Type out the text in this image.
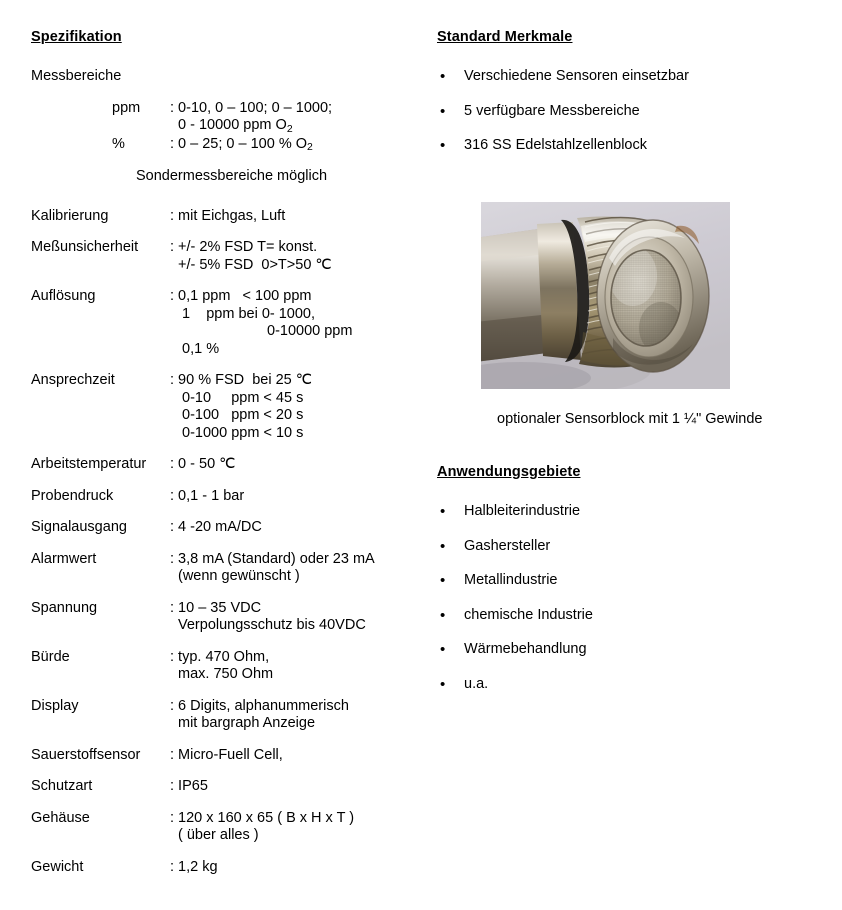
Spezifikation
Messbereiche
ppm	: 0-10, 0 – 100; 0 – 1000;
0 - 10000 ppm $O_2$
%	: 0 – 25; 0 – 100 % $O_2$
Sondermessbereiche möglich
Kalibrierung	: mit Eichgas, Luft
Meßunsicherheit	: +/- 2% FSD T= konst.
+/- 5% FSD  0>T>50 ℃
Auflösung	: 0,1 ppm   < 100 ppm
1    ppm bei 0- 1000,
0-10000 ppm
0,1 %
Ansprechzeit	: 90 % FSD  bei 25 ℃
0-10     ppm < 45 s
0-100   ppm < 20 s
0-1000 ppm < 10 s
Arbeitstemperatur	: 0 - 50 ℃
Probendruck	: 0,1 - 1 bar
Signalausgang	: 4 -20 mA/DC
Alarmwert	: 3,8 mA (Standard) oder 23 mA
(wenn gewünscht )
Spannung	: 10 – 35 VDC
Verpolungsschutz bis 40VDC
Bürde	: typ. 470 Ohm,
max. 750 Ohm
Display	: 6 Digits, alphanummerisch
mit bargraph Anzeige
Sauerstoffsensor	: Micro-Fuell Cell,
Schutzart	: IP65
Gehäuse	: 120 x 160 x 65 ( B x H x T )
( über alles )
Gewicht	: 1,2 kg
Standard Merkmale
•	Verschiedene Sensoren einsetzbar
•	5 verfügbare Messbereiche
•	316 SS Edelstahlzellenblock
optionaler Sensorblock mit 1 ¼" Gewinde
Anwendungsgebiete
•	Halbleiterindustrie
•	Gashersteller
•	Metallindustrie
•	chemische Industrie
•	Wärmebehandlung
•	u.a.
